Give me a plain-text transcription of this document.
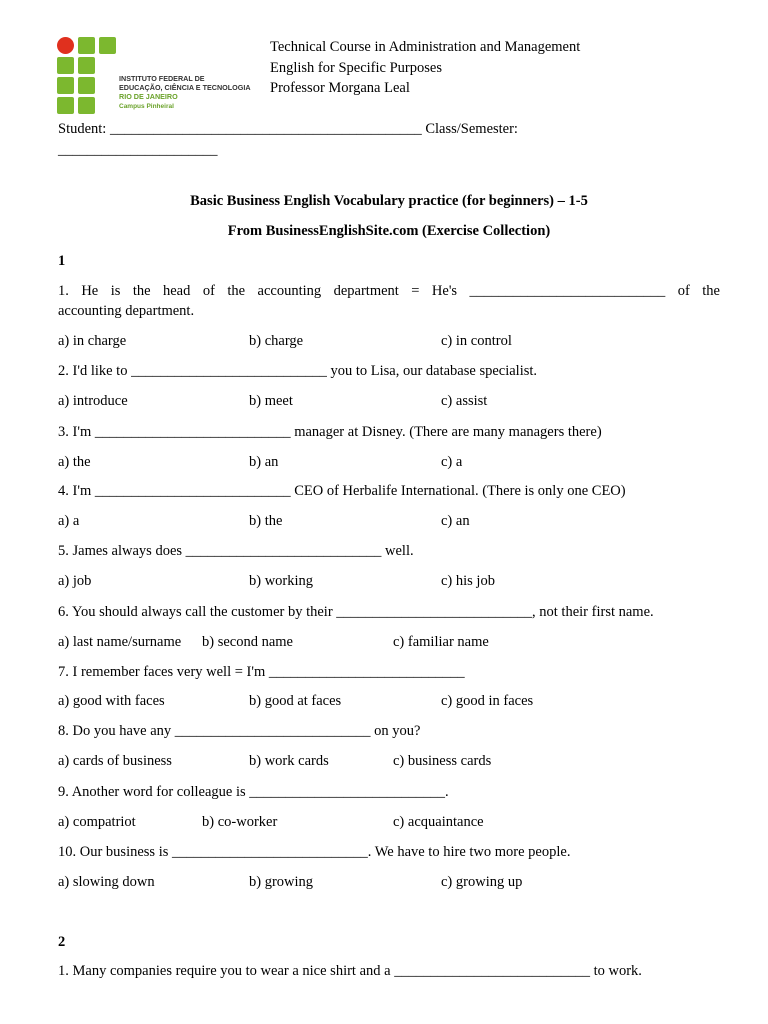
INSTITUTO FEDERAL DE
EDUCAÇÃO, CIÊNCIA E TECNOLOGIA
RIO DE JANEIRO
Campus Pinheiral
Technical Course in Administration and Management
English for Specific Purposes
Professor Morgana Leal
Student: ___________________________________________ Class/Semester:
______________________
Basic Business English Vocabulary practice (for beginners) – 1-5
From BusinessEnglishSite.com (Exercise Collection)
1
1. He is the head of the accounting department = He's ___________________________ of the
accounting department.
a) in charge	b) charge	c) in control
2. I'd like to ___________________________ you to Lisa, our database specialist.
a) introduce	b) meet	c) assist
3. I'm ___________________________ manager at Disney. (There are many managers there)
a) the	b) an	c) a
4. I'm ___________________________ CEO of Herbalife International. (There is only one CEO)
a) a	b) the	c) an
5. James always does ___________________________ well.
a) job	b) working	c) his job
6. You should always call the customer by their ___________________________, not their first name.
a) last name/surname b) second name	c) familiar name
7. I remember faces very well = I'm ___________________________
a) good with faces	b) good at faces	c) good in faces
8. Do you have any ___________________________ on you?
a) cards of business	b) work cards	c) business cards
9. Another word for colleague is ___________________________.
a) compatriot	b) co-worker	c) acquaintance
10. Our business is ___________________________. We have to hire two more people.
a) slowing down	b) growing	c) growing up
2
1. Many companies require you to wear a nice shirt and a ___________________________ to work.
